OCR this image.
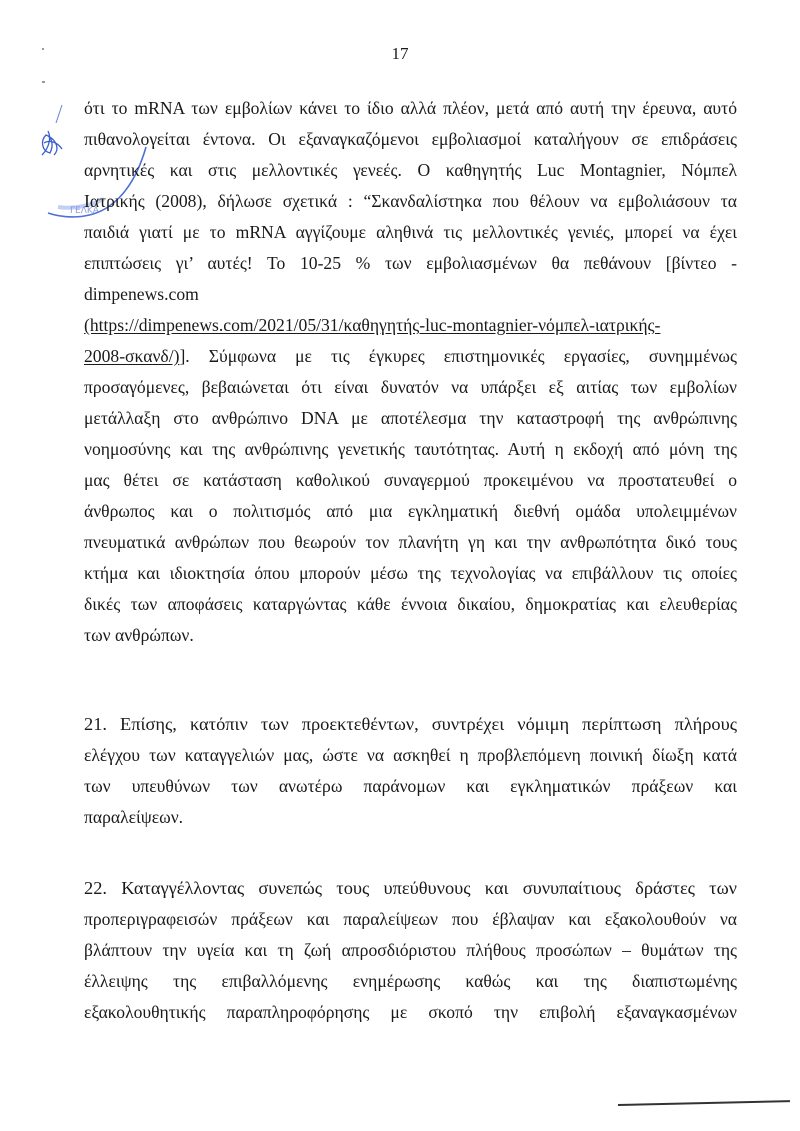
17
ΓΕΛΚΑ
ότι το mRNA των εμβολίων κάνει το ίδιο αλλά πλέον, μετά από αυτή την έρευνα, αυτό
πιθανολογείται έντονα. Οι εξαναγκαζόμενοι εμβολιασμοί καταλήγουν σε επιδράσεις
αρνητικές και στις μελλοντικές γενεές. Ο καθηγητής Luc Montagnier, Νόμπελ
Ιατρικής (2008), δήλωσε σχετικά : “Σκανδαλίστηκα που θέλουν να εμβολιάσουν τα
παιδιά γιατί με το mRNA αγγίζουμε αληθινά τις μελλοντικές γενιές, μπορεί να έχει
επιπτώσεις γι’ αυτές! Το 10-25 % των εμβολιασμένων θα πεθάνουν [βίντεο -
dimpenews.com
(https://dimpenews.com/2021/05/31/καθηγητής-luc-montagnier-νόμπελ-ιατρικής-
2008-σκανδ/)]. Σύμφωνα με τις έγκυρες επιστημονικές εργασίες, συνημμένως
προσαγόμενες, βεβαιώνεται ότι είναι δυνατόν να υπάρξει εξ αιτίας των εμβολίων
μετάλλαξη στο ανθρώπινο DNA με αποτέλεσμα την καταστροφή της ανθρώπινης
νοημοσύνης και της ανθρώπινης γενετικής ταυτότητας. Αυτή η εκδοχή από μόνη της
μας θέτει σε κατάσταση καθολικού συναγερμού προκειμένου να προστατευθεί ο
άνθρωπος και ο πολιτισμός από μια εγκληματική διεθνή ομάδα υπολειμμένων
πνευματικά ανθρώπων που θεωρούν τον πλανήτη γη και την ανθρωπότητα δικό τους
κτήμα και ιδιοκτησία όπου μπορούν μέσω της τεχνολογίας να επιβάλλουν τις οποίες
δικές των αποφάσεις καταργώντας κάθε έννοια δικαίου, δημοκρατίας και ελευθερίας
των ανθρώπων.
21. Επίσης, κατόπιν των προεκτεθέντων, συντρέχει νόμιμη περίπτωση πλήρους
ελέγχου των καταγγελιών μας, ώστε να ασκηθεί η προβλεπόμενη ποινική δίωξη κατά
των υπευθύνων των ανωτέρω παράνομων και εγκληματικών πράξεων και
παραλείψεων.
22. Καταγγέλλοντας συνεπώς τους υπεύθυνους και συνυπαίτιους δράστες των
προπεριγραφεισών πράξεων και παραλείψεων που έβλαψαν και εξακολουθούν να
βλάπτουν την υγεία και τη ζωή απροσδιόριστου πλήθους προσώπων – θυμάτων της
έλλειψης της επιβαλλόμενης ενημέρωσης καθώς και της διαπιστωμένης
εξακολουθητικής παραπληροφόρησης με σκοπό την επιβολή εξαναγκασμένων
